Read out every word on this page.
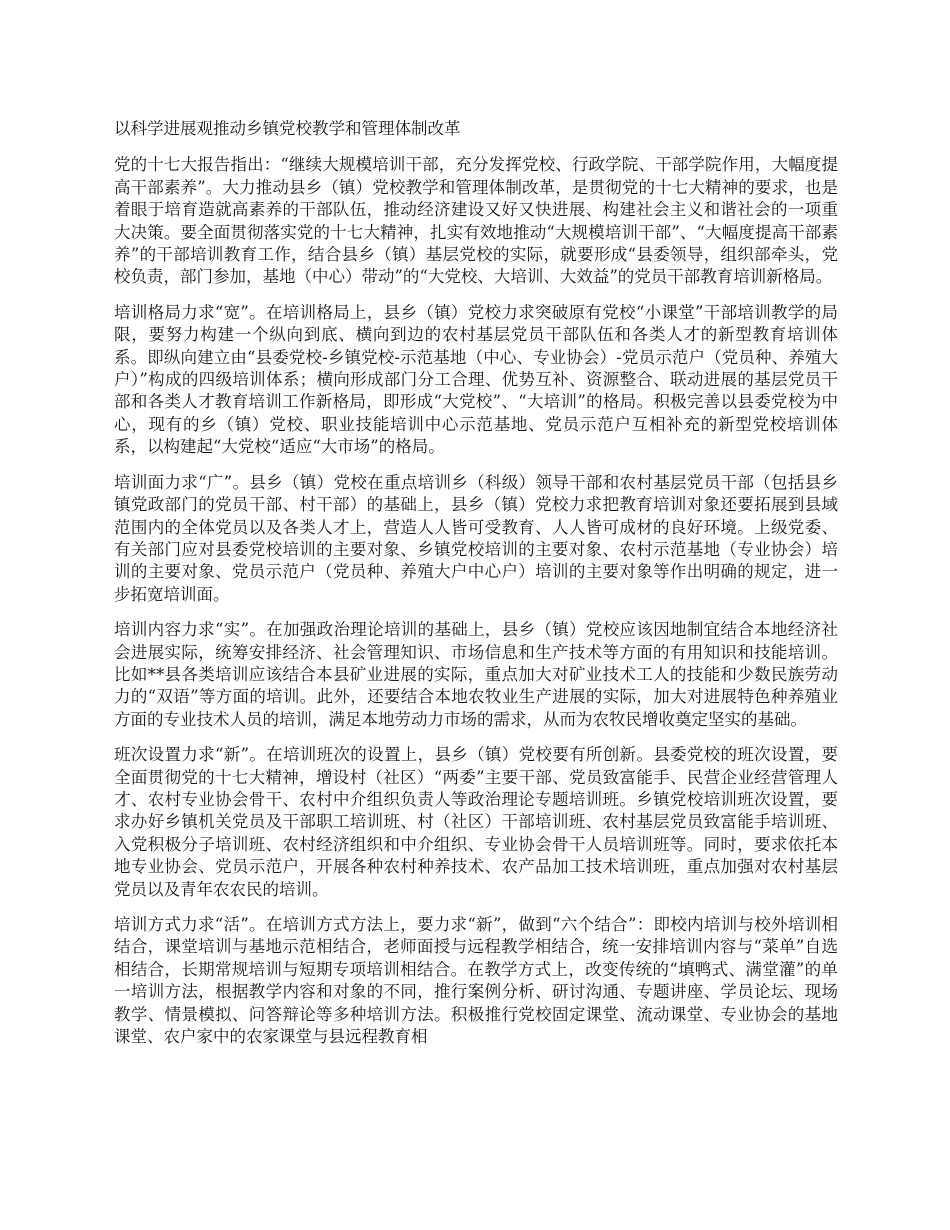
以科学进展观推动乡镇党校教学和管理体制改革

党的十七大报告指出：“继续大规模培训干部，充分发挥党校、行政学院、干部学院作用，大幅度提高干部素养”。大力推动县乡（镇）党校教学和管理体制改革，是贯彻党的十七大精神的要求，也是着眼于培育造就高素养的干部队伍，推动经济建设又好又快进展、构建社会主义和谐社会的一项重大决策。要全面贯彻落实党的十七大精神，扎实有效地推动“大规模培训干部”、“大幅度提高干部素养”的干部培训教育工作，结合县乡（镇）基层党校的实际，就要形成“县委领导，组织部牵头，党校负责，部门参加，基地（中心）带动”的“大党校、大培训、大效益”的党员干部教育培训新格局。

培训格局力求“宽”。在培训格局上，县乡（镇）党校力求突破原有党校“小课堂”干部培训教学的局限，要努力构建一个纵向到底、横向到边的农村基层党员干部队伍和各类人才的新型教育培训体系。即纵向建立由“县委党校-乡镇党校-示范基地（中心、专业协会）-党员示范户（党员种、养殖大户）”构成的四级培训体系；横向形成部门分工合理、优势互补、资源整合、联动进展的基层党员干部和各类人才教育培训工作新格局，即形成“大党校”、“大培训”的格局。积极完善以县委党校为中心，现有的乡（镇）党校、职业技能培训中心示范基地、党员示范户互相补充的新型党校培训体系，以构建起“大党校“适应“大市场”的格局。

培训面力求“广”。县乡（镇）党校在重点培训乡（科级）领导干部和农村基层党员干部（包括县乡镇党政部门的党员干部、村干部）的基础上，县乡（镇）党校力求把教育培训对象还要拓展到县域范围内的全体党员以及各类人才上，营造人人皆可受教育、人人皆可成材的良好环境。上级党委、有关部门应对县委党校培训的主要对象、乡镇党校培训的主要对象、农村示范基地（专业协会）培训的主要对象、党员示范户（党员种、养殖大户中心户）培训的主要对象等作出明确的规定，进一步拓宽培训面。

培训内容力求“实”。在加强政治理论培训的基础上，县乡（镇）党校应该因地制宜结合本地经济社会进展实际，统筹安排经济、社会管理知识、市场信息和生产技术等方面的有用知识和技能培训。比如**县各类培训应该结合本县矿业进展的实际，重点加大对矿业技术工人的技能和少数民族劳动力的“双语”等方面的培训。此外，还要结合本地农牧业生产进展的实际，加大对进展特色种养殖业方面的专业技术人员的培训，满足本地劳动力市场的需求，从而为农牧民增收奠定坚实的基础。

班次设置力求“新”。在培训班次的设置上，县乡（镇）党校要有所创新。县委党校的班次设置，要全面贯彻党的十七大精神，增设村（社区）“两委”主要干部、党员致富能手、民营企业经营管理人才、农村专业协会骨干、农村中介组织负责人等政治理论专题培训班。乡镇党校培训班次设置，要求办好乡镇机关党员及干部职工培训班、村（社区）干部培训班、农村基层党员致富能手培训班、入党积极分子培训班、农村经济组织和中介组织、专业协会骨干人员培训班等。同时，要求依托本地专业协会、党员示范户，开展各种农村种养技术、农产品加工技术培训班，重点加强对农村基层党员以及青年农农民的培训。

培训方式力求“活”。在培训方式方法上，要力求“新”，做到“六个结合”：即校内培训与校外培训相结合，课堂培训与基地示范相结合，老师面授与远程教学相结合，统一安排培训内容与“菜单”自选相结合，长期常规培训与短期专项培训相结合。在教学方式上，改变传统的“填鸭式、满堂灌”的单一培训方法，根据教学内容和对象的不同，推行案例分析、研讨沟通、专题讲座、学员论坛、现场教学、情景模拟、问答辩论等多种培训方法。积极推行党校固定课堂、流动课堂、专业协会的基地课堂、农户家中的农家课堂与县远程教育相
